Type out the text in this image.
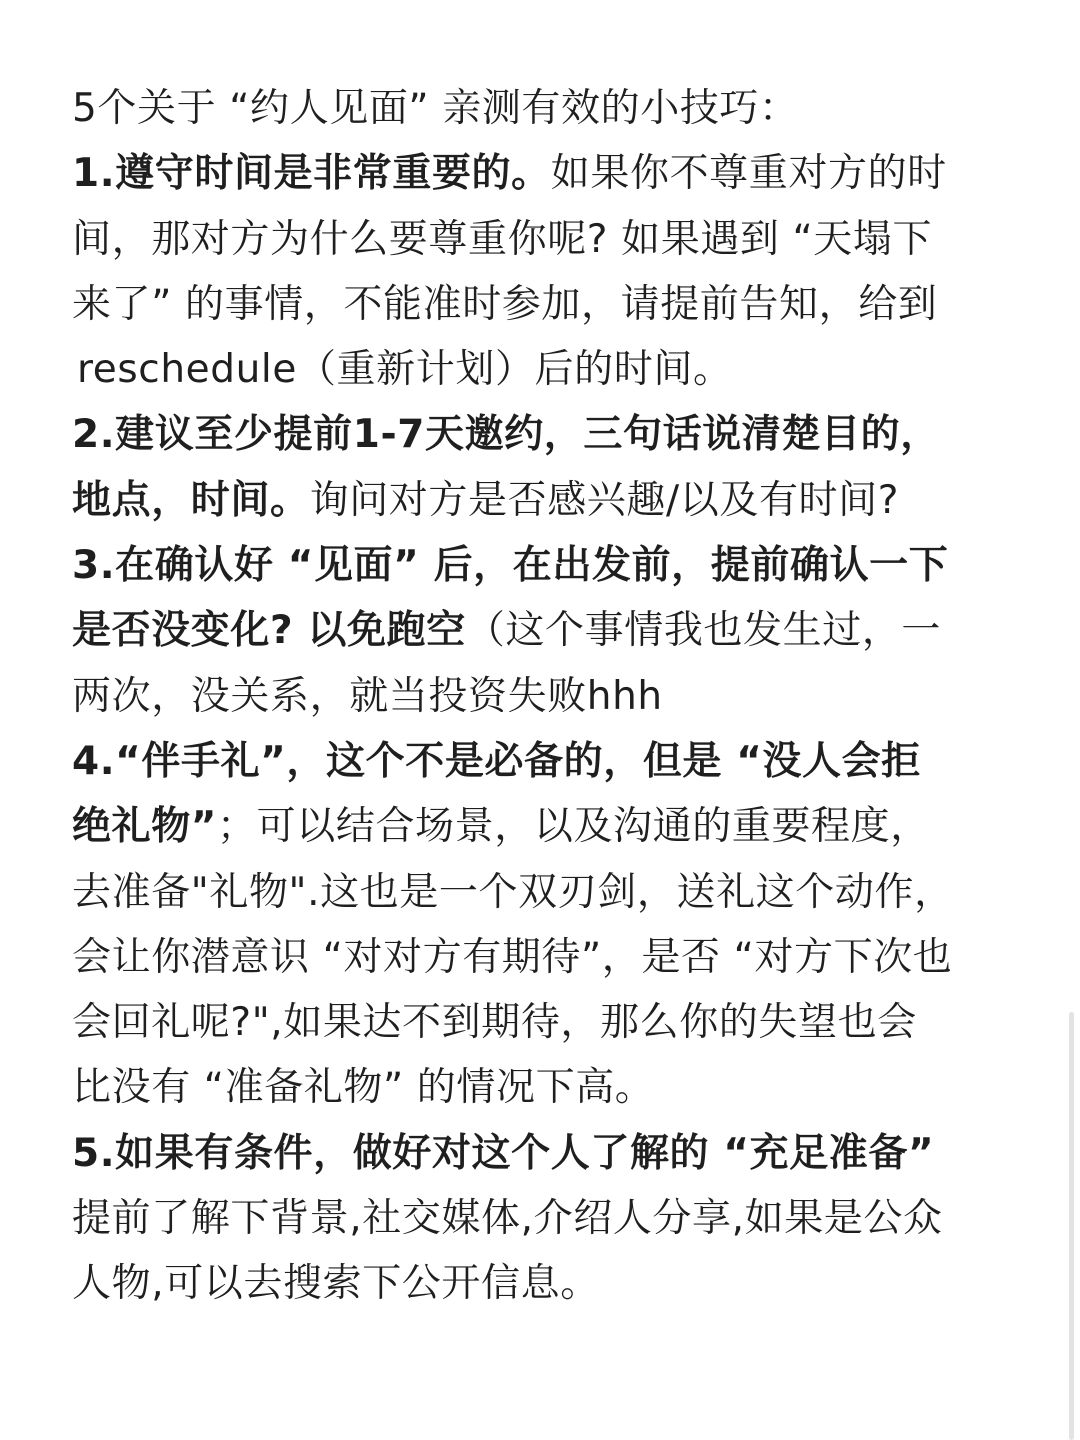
5个关于 “约人见面” 亲测有效的小技巧：
1.遵守时间是非常重要的。如果你不尊重对方的时
间，那对方为什么要尊重你呢? 如果遇到 “天塌下
来了” 的事情，不能准时参加，请提前告知，给到
reschedule（重新计划）后的时间。
2.建议至少提前1-7天邀约，三句话说清楚目的，
地点，时间。询问对方是否感兴趣/以及有时间?
3.在确认好 “见面” 后，在出发前，提前确认一下
是否没变化? 以免跑空（这个事情我也发生过，一
两次，没关系，就当投资失败hhh
4.“伴手礼”，这个不是必备的，但是 “没人会拒
绝礼物”；可以结合场景，以及沟通的重要程度，
去准备"礼物".这也是一个双刃剑，送礼这个动作，
会让你潜意识 “对对方有期待”，是否 “对方下次也
会回礼呢?",如果达不到期待，那么你的失望也会
比没有 “准备礼物” 的情况下高。
5.如果有条件，做好对这个人了解的 “充足准备”
提前了解下背景,社交媒体,介绍人分享,如果是公众
人物,可以去搜索下公开信息。
